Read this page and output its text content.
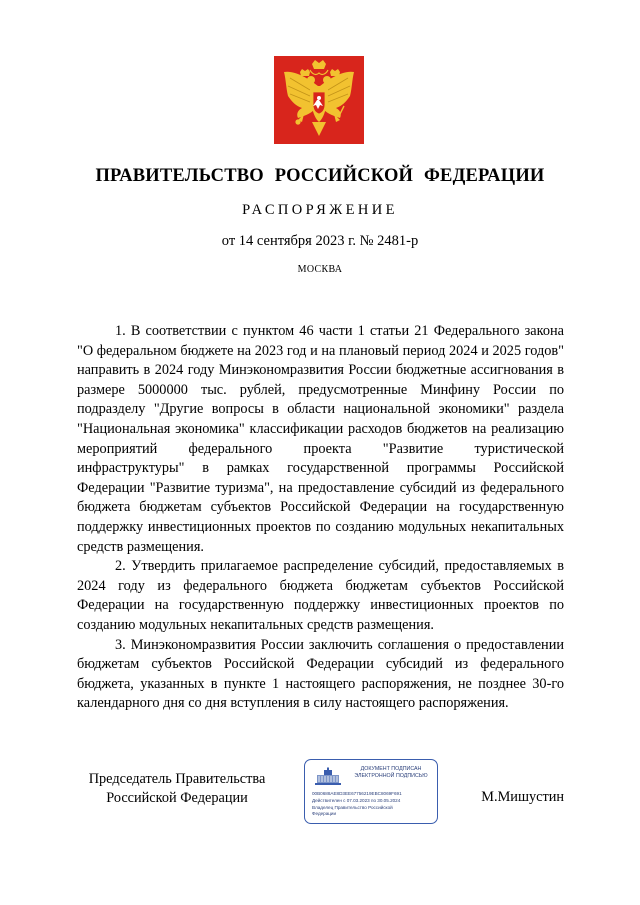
ПРАВИТЕЛЬСТВО РОССИЙСКОЙ ФЕДЕРАЦИИ
РАСПОРЯЖЕНИЕ
от 14 сентября 2023 г. № 2481-р
МОСКВА

1. В соответствии с пунктом 46 части 1 статьи 21 Федерального закона "О федеральном бюджете на 2023 год и на плановый период 2024 и 2025 годов" направить в 2024 году Минэкономразвития России бюджетные ассигнования в размере 5000000 тыс. рублей, предусмотренные Минфину России по подразделу "Другие вопросы в области национальной экономики" раздела "Национальная экономика" классификации расходов бюджетов на реализацию мероприятий федерального проекта "Развитие туристической инфраструктуры" в рамках государственной программы Российской Федерации "Развитие туризма", на предоставление субсидий из федерального бюджета бюджетам субъектов Российской Федерации на государственную поддержку инвестиционных проектов по созданию модульных некапитальных средств размещения.

2. Утвердить прилагаемое распределение субсидий, предоставляемых в 2024 году из федерального бюджета бюджетам субъектов Российской Федерации на государственную поддержку инвестиционных проектов по созданию модульных некапитальных средств размещения.

3. Минэкономразвития России заключить соглашения о предоставлении бюджетам субъектов Российской Федерации субсидий из федерального бюджета, указанных в пункте 1 настоящего распоряжения, не позднее 30-го календарного дня со дня вступления в силу настоящего распоряжения.

Председатель Правительства
Российской Федерации
ДОКУМЕНТ ПОДПИСАН ЭЛЕКТРОННОЙ ПОДПИСЬЮ
00B0688AE8D3EE67756219EBC8069F691
Действителен с 07.03.2023 по 30.05.2024
Владелец Правительство Российской
Федерации
М.Мишустин
